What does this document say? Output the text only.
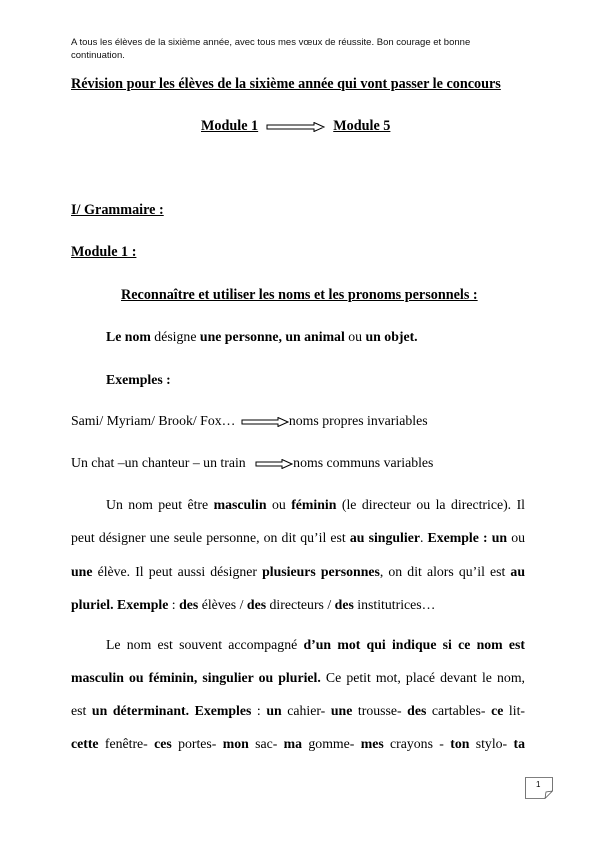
A tous les élèves de la sixième année, avec tous mes vœux de réussite. Bon courage et bonne continuation.
Révision pour les élèves de la sixième année qui vont passer le concours
Module 1	Module 5
I/ Grammaire :
Module 1 :
Reconnaître et utiliser les noms et les pronoms personnels :
Le nom désigne une personne, un animal ou un objet.
Exemples :
Sami/ Myriam/ Brook/ Fox…	noms propres invariables
Un chat –un chanteur – un train	noms communs variables
Un nom peut être masculin ou féminin (le directeur ou la directrice). Il
peut désigner une seule personne, on dit qu’il est au singulier. Exemple : un ou
une élève. Il peut aussi désigner plusieurs personnes, on dit alors qu’il est au
pluriel. Exemple : des élèves / des directeurs / des institutrices…
Le nom est souvent accompagné d’un mot qui indique si ce nom est
masculin ou féminin, singulier ou pluriel. Ce petit mot, placé devant le nom,
est un déterminant. Exemples : un cahier- une trousse- des cartables- ce lit-
cette fenêtre- ces portes- mon sac- ma gomme- mes crayons - ton stylo- ta
1
